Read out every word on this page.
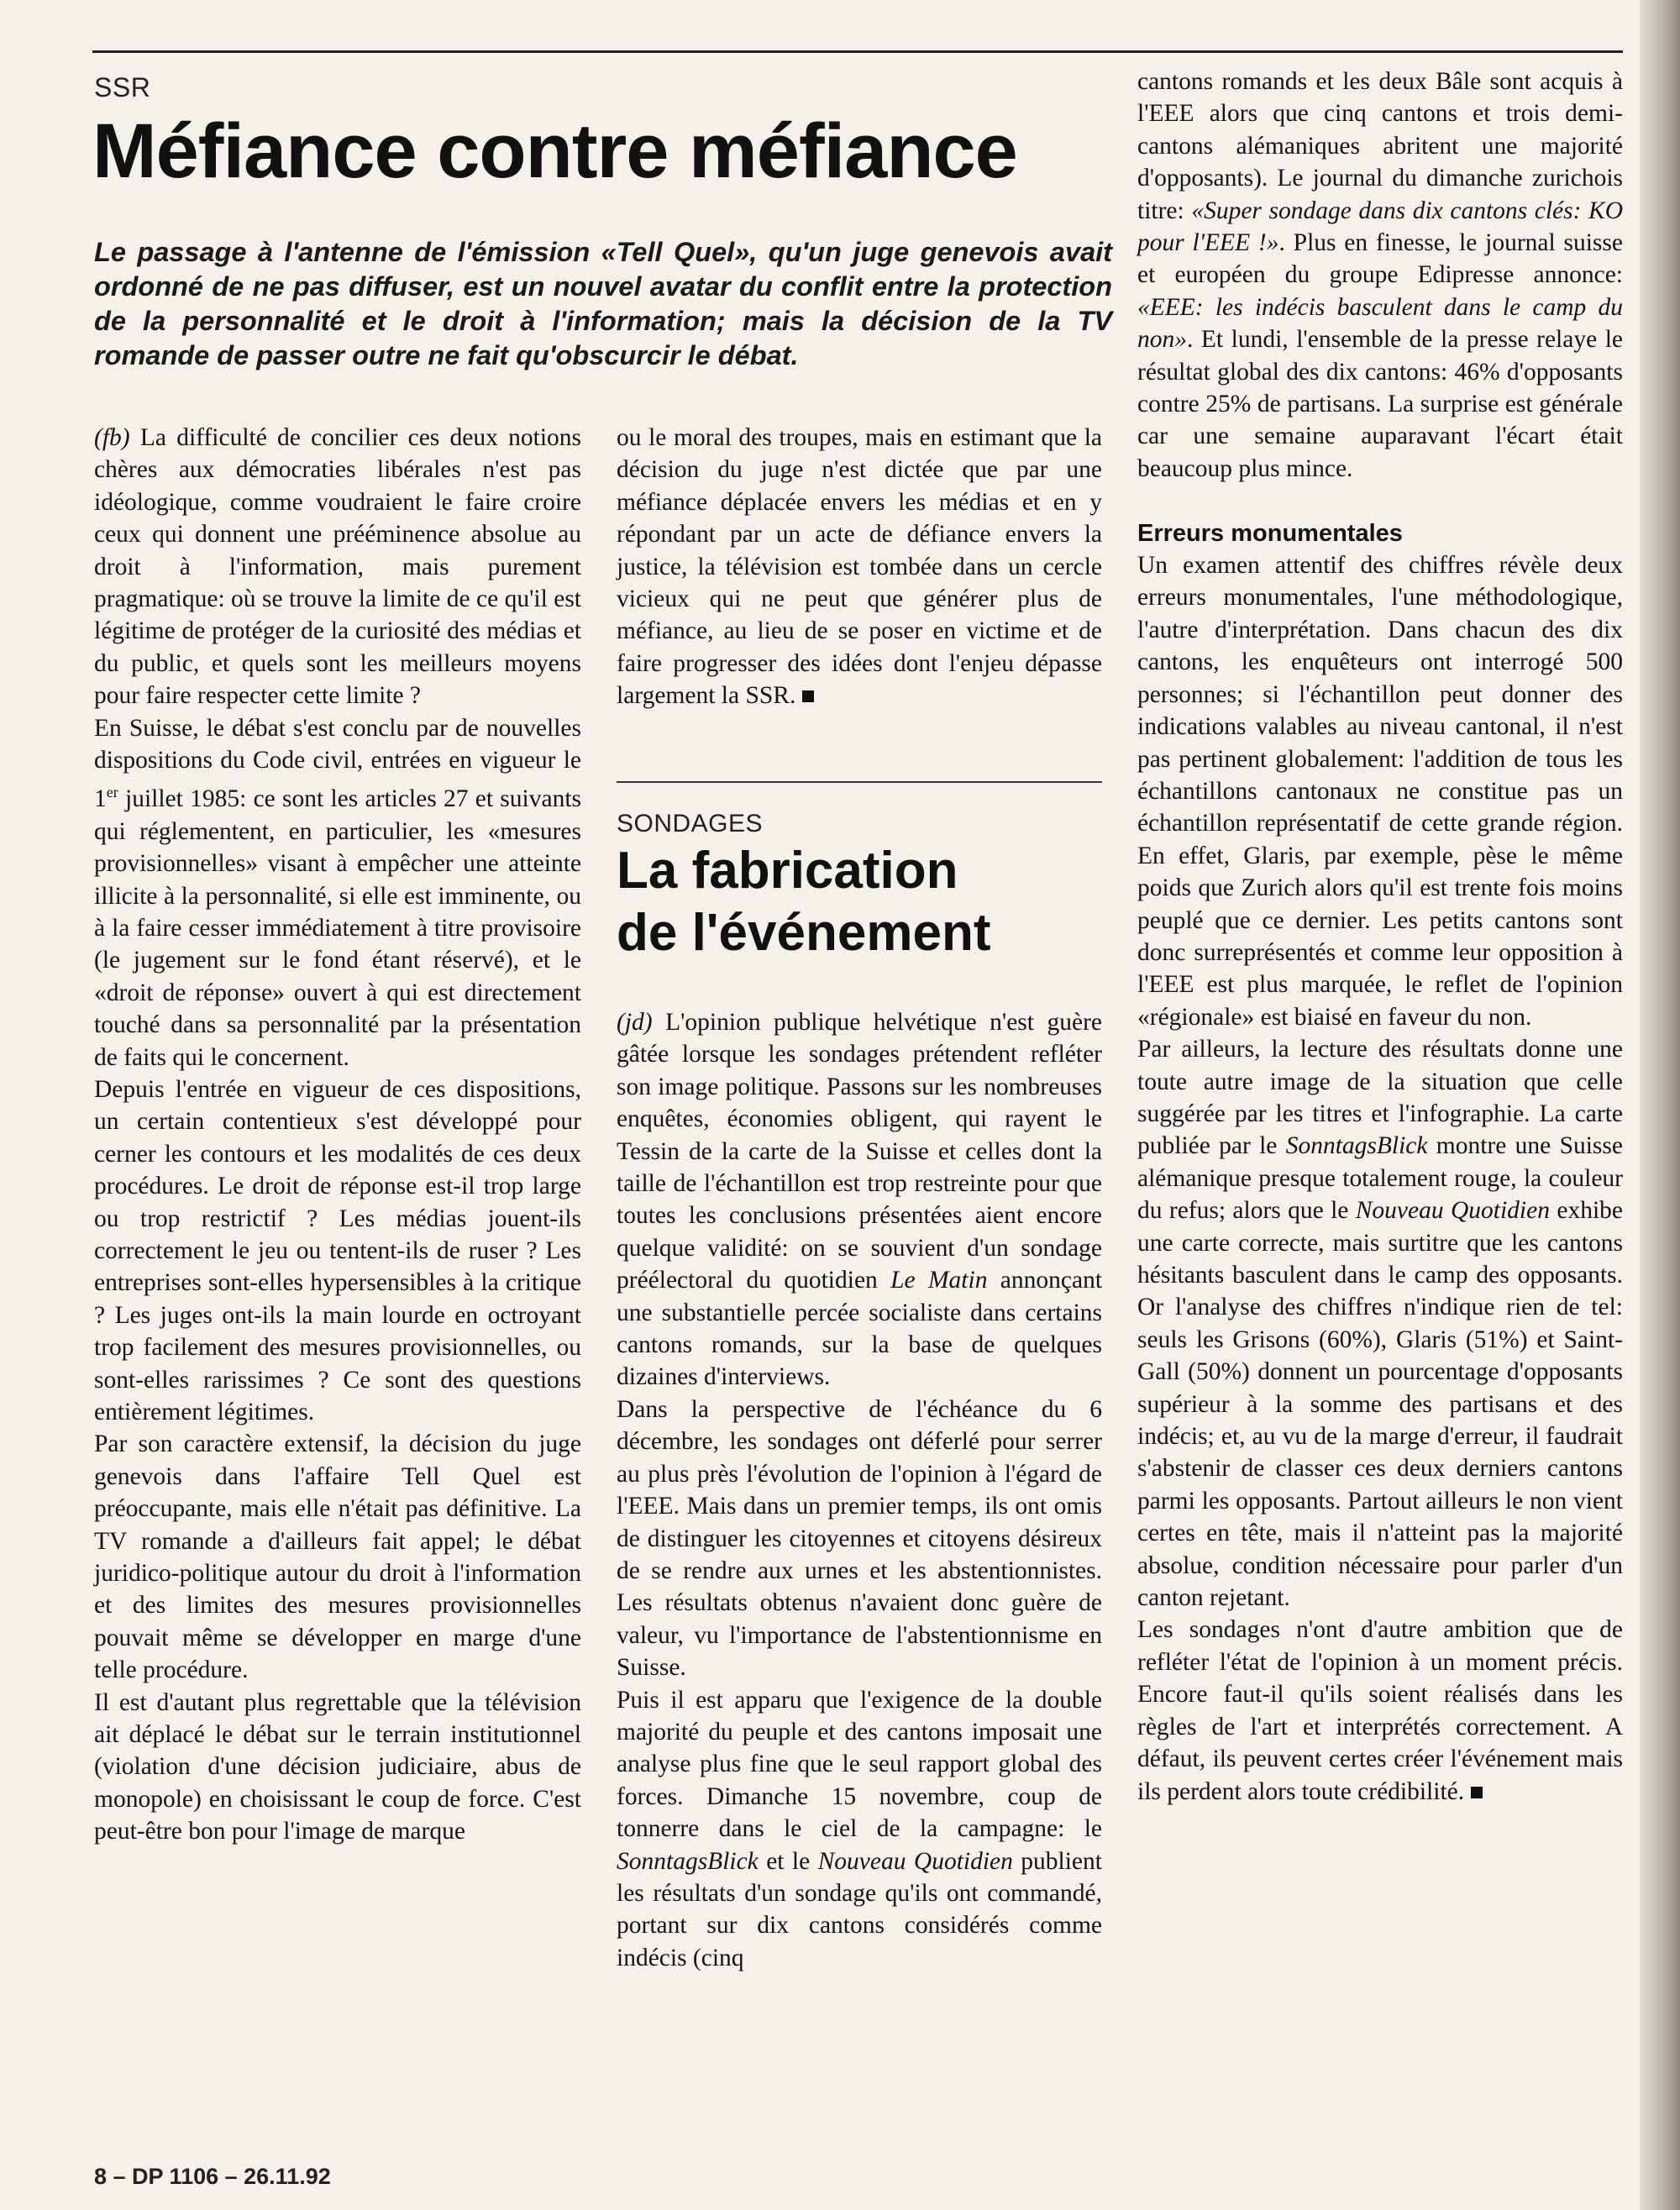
SSR
Méfiance contre méfiance

Le passage à l'antenne de l'émission «Tell Quel», qu'un juge genevois avait ordonné de ne pas diffuser, est un nouvel avatar du conflit entre la protection de la personnalité et le droit à l'information; mais la décision de la TV romande de passer outre ne fait qu'obscurcir le débat.

(fb) La difficulté de concilier ces deux notions chères aux démocraties libérales n'est pas idéologique, comme voudraient le faire croire ceux qui donnent une prééminence absolue au droit à l'information, mais purement pragmatique: où se trouve la limite de ce qu'il est légitime de protéger de la curiosité des médias et du public, et quels sont les meilleurs moyens pour faire respecter cette limite ?

En Suisse, le débat s'est conclu par de nouvelles dispositions du Code civil, entrées en vigueur le 1er juillet 1985: ce sont les articles 27 et suivants qui réglementent, en particulier, les «mesures provisionnelles» visant à empêcher une atteinte illicite à la personnalité, si elle est imminente, ou à la faire cesser immédiatement à titre provisoire (le jugement sur le fond étant réservé), et le «droit de réponse» ouvert à qui est directement touché dans sa personnalité par la présentation de faits qui le concernent.

Depuis l'entrée en vigueur de ces dispositions, un certain contentieux s'est développé pour cerner les contours et les modalités de ces deux procédures. Le droit de réponse est-il trop large ou trop restrictif ? Les médias jouent-ils correctement le jeu ou tentent-ils de ruser ? Les entreprises sont-elles hypersensibles à la critique ? Les juges ont-ils la main lourde en octroyant trop facilement des mesures provisionnelles, ou sont-elles rarissimes ? Ce sont des questions entièrement légitimes.

Par son caractère extensif, la décision du juge genevois dans l'affaire Tell Quel est préoccupante, mais elle n'était pas définitive. La TV romande a d'ailleurs fait appel; le débat juridico-politique autour du droit à l'information et des limites des mesures provisionnelles pouvait même se développer en marge d'une telle procédure.

Il est d'autant plus regrettable que la télévision ait déplacé le débat sur le terrain institutionnel (violation d'une décision judiciaire, abus de monopole) en choisissant le coup de force. C'est peut-être bon pour l'image de marque

ou le moral des troupes, mais en estimant que la décision du juge n'est dictée que par une méfiance déplacée envers les médias et en y répondant par un acte de défiance envers la justice, la télévision est tombée dans un cercle vicieux qui ne peut que générer plus de méfiance, au lieu de se poser en victime et de faire progresser des idées dont l'enjeu dépasse largement la SSR.

SONDAGES
La fabrication
de l'événement

(jd) L'opinion publique helvétique n'est guère gâtée lorsque les sondages prétendent refléter son image politique. Passons sur les nombreuses enquêtes, économies obligent, qui rayent le Tessin de la carte de la Suisse et celles dont la taille de l'échantillon est trop restreinte pour que toutes les conclusions présentées aient encore quelque validité: on se souvient d'un sondage préélectoral du quotidien Le Matin annonçant une substantielle percée socialiste dans certains cantons romands, sur la base de quelques dizaines d'interviews.

Dans la perspective de l'échéance du 6 décembre, les sondages ont déferlé pour serrer au plus près l'évolution de l'opinion à l'égard de l'EEE. Mais dans un premier temps, ils ont omis de distinguer les citoyennes et citoyens désireux de se rendre aux urnes et les abstentionnistes. Les résultats obtenus n'avaient donc guère de valeur, vu l'importance de l'abstentionnisme en Suisse.

Puis il est apparu que l'exigence de la double majorité du peuple et des cantons imposait une analyse plus fine que le seul rapport global des forces. Dimanche 15 novembre, coup de tonnerre dans le ciel de la campagne: le SonntagsBlick et le Nouveau Quotidien publient les résultats d'un sondage qu'ils ont commandé, portant sur dix cantons considérés comme indécis (cinq

cantons romands et les deux Bâle sont acquis à l'EEE alors que cinq cantons et trois demi-cantons alémaniques abritent une majorité d'opposants). Le journal du dimanche zurichois titre: «Super sondage dans dix cantons clés: KO pour l'EEE !». Plus en finesse, le journal suisse et européen du groupe Edipresse annonce: «EEE: les indécis basculent dans le camp du non». Et lundi, l'ensemble de la presse relaye le résultat global des dix cantons: 46% d'opposants contre 25% de partisans. La surprise est générale car une semaine auparavant l'écart était beaucoup plus mince.

Erreurs monumentales

Un examen attentif des chiffres révèle deux erreurs monumentales, l'une méthodologique, l'autre d'interprétation. Dans chacun des dix cantons, les enquêteurs ont interrogé 500 personnes; si l'échantillon peut donner des indications valables au niveau cantonal, il n'est pas pertinent globalement: l'addition de tous les échantillons cantonaux ne constitue pas un échantillon représentatif de cette grande région. En effet, Glaris, par exemple, pèse le même poids que Zurich alors qu'il est trente fois moins peuplé que ce dernier. Les petits cantons sont donc surreprésentés et comme leur opposition à l'EEE est plus marquée, le reflet de l'opinion «régionale» est biaisé en faveur du non.

Par ailleurs, la lecture des résultats donne une toute autre image de la situation que celle suggérée par les titres et l'infographie. La carte publiée par le SonntagsBlick montre une Suisse alémanique presque totalement rouge, la couleur du refus; alors que le Nouveau Quotidien exhibe une carte correcte, mais surtitre que les cantons hésitants basculent dans le camp des opposants. Or l'analyse des chiffres n'indique rien de tel: seuls les Grisons (60%), Glaris (51%) et Saint-Gall (50%) donnent un pourcentage d'opposants supérieur à la somme des partisans et des indécis; et, au vu de la marge d'erreur, il faudrait s'abstenir de classer ces deux derniers cantons parmi les opposants. Partout ailleurs le non vient certes en tête, mais il n'atteint pas la majorité absolue, condition nécessaire pour parler d'un canton rejetant.

Les sondages n'ont d'autre ambition que de refléter l'état de l'opinion à un moment précis. Encore faut-il qu'ils soient réalisés dans les règles de l'art et interprétés correctement. A défaut, ils peuvent certes créer l'événement mais ils perdent alors toute crédibilité.

8 – DP 1106 – 26.11.92
